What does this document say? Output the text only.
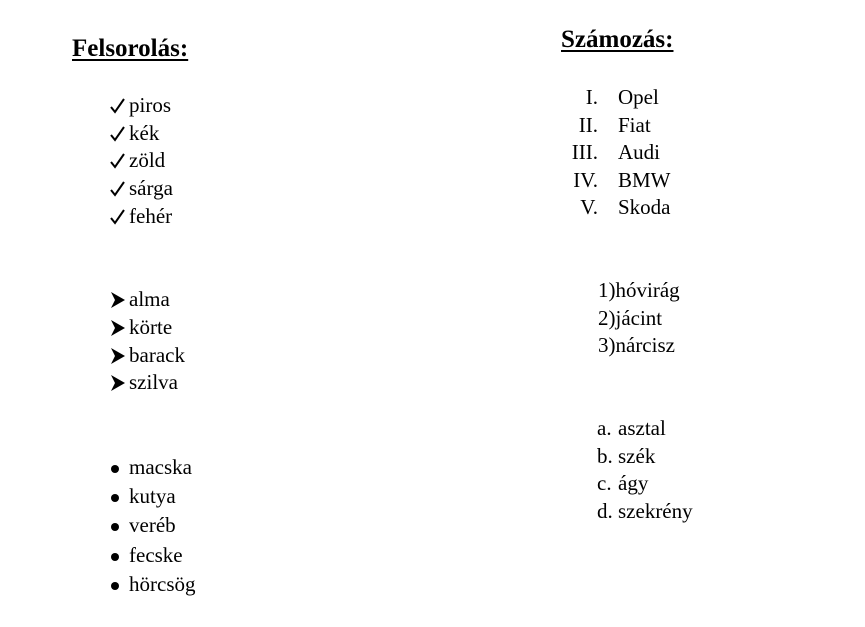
Felsorolás:	Számozás:
piros
kék
zöld
sárga
fehér
alma
körte
barack
szilva
macska
kutya
veréb
fecske
hörcsög
I. Opel
II. Fiat
III. Audi
IV. BMW
V. Skoda
1)hóvirág
2)jácint
3)nárcisz
a. asztal
b. szék
c. ágy
d. szekrény
